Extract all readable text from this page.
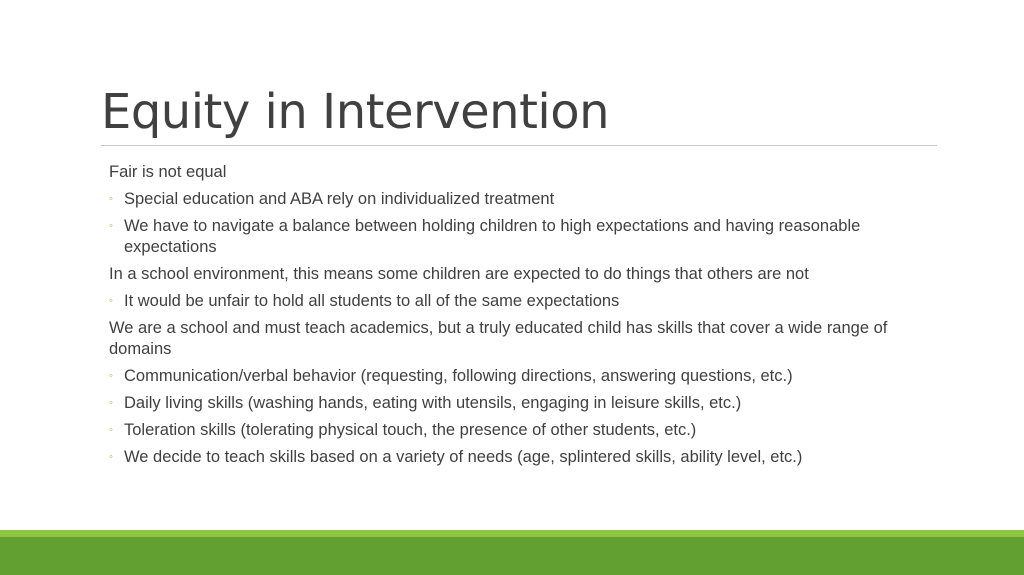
Equity in Intervention
Fair is not equal
◦ Special education and ABA rely on individualized treatment
◦ We have to navigate a balance between holding children to high expectations and having reasonable expectations
In a school environment, this means some children are expected to do things that others are not
◦ It would be unfair to hold all students to all of the same expectations
We are a school and must teach academics, but a truly educated child has skills that cover a wide range of domains
◦ Communication/verbal behavior (requesting, following directions, answering questions, etc.)
◦ Daily living skills (washing hands, eating with utensils, engaging in leisure skills, etc.)
◦ Toleration skills (tolerating physical touch, the presence of other students, etc.)
◦ We decide to teach skills based on a variety of needs (age, splintered skills, ability level, etc.)
